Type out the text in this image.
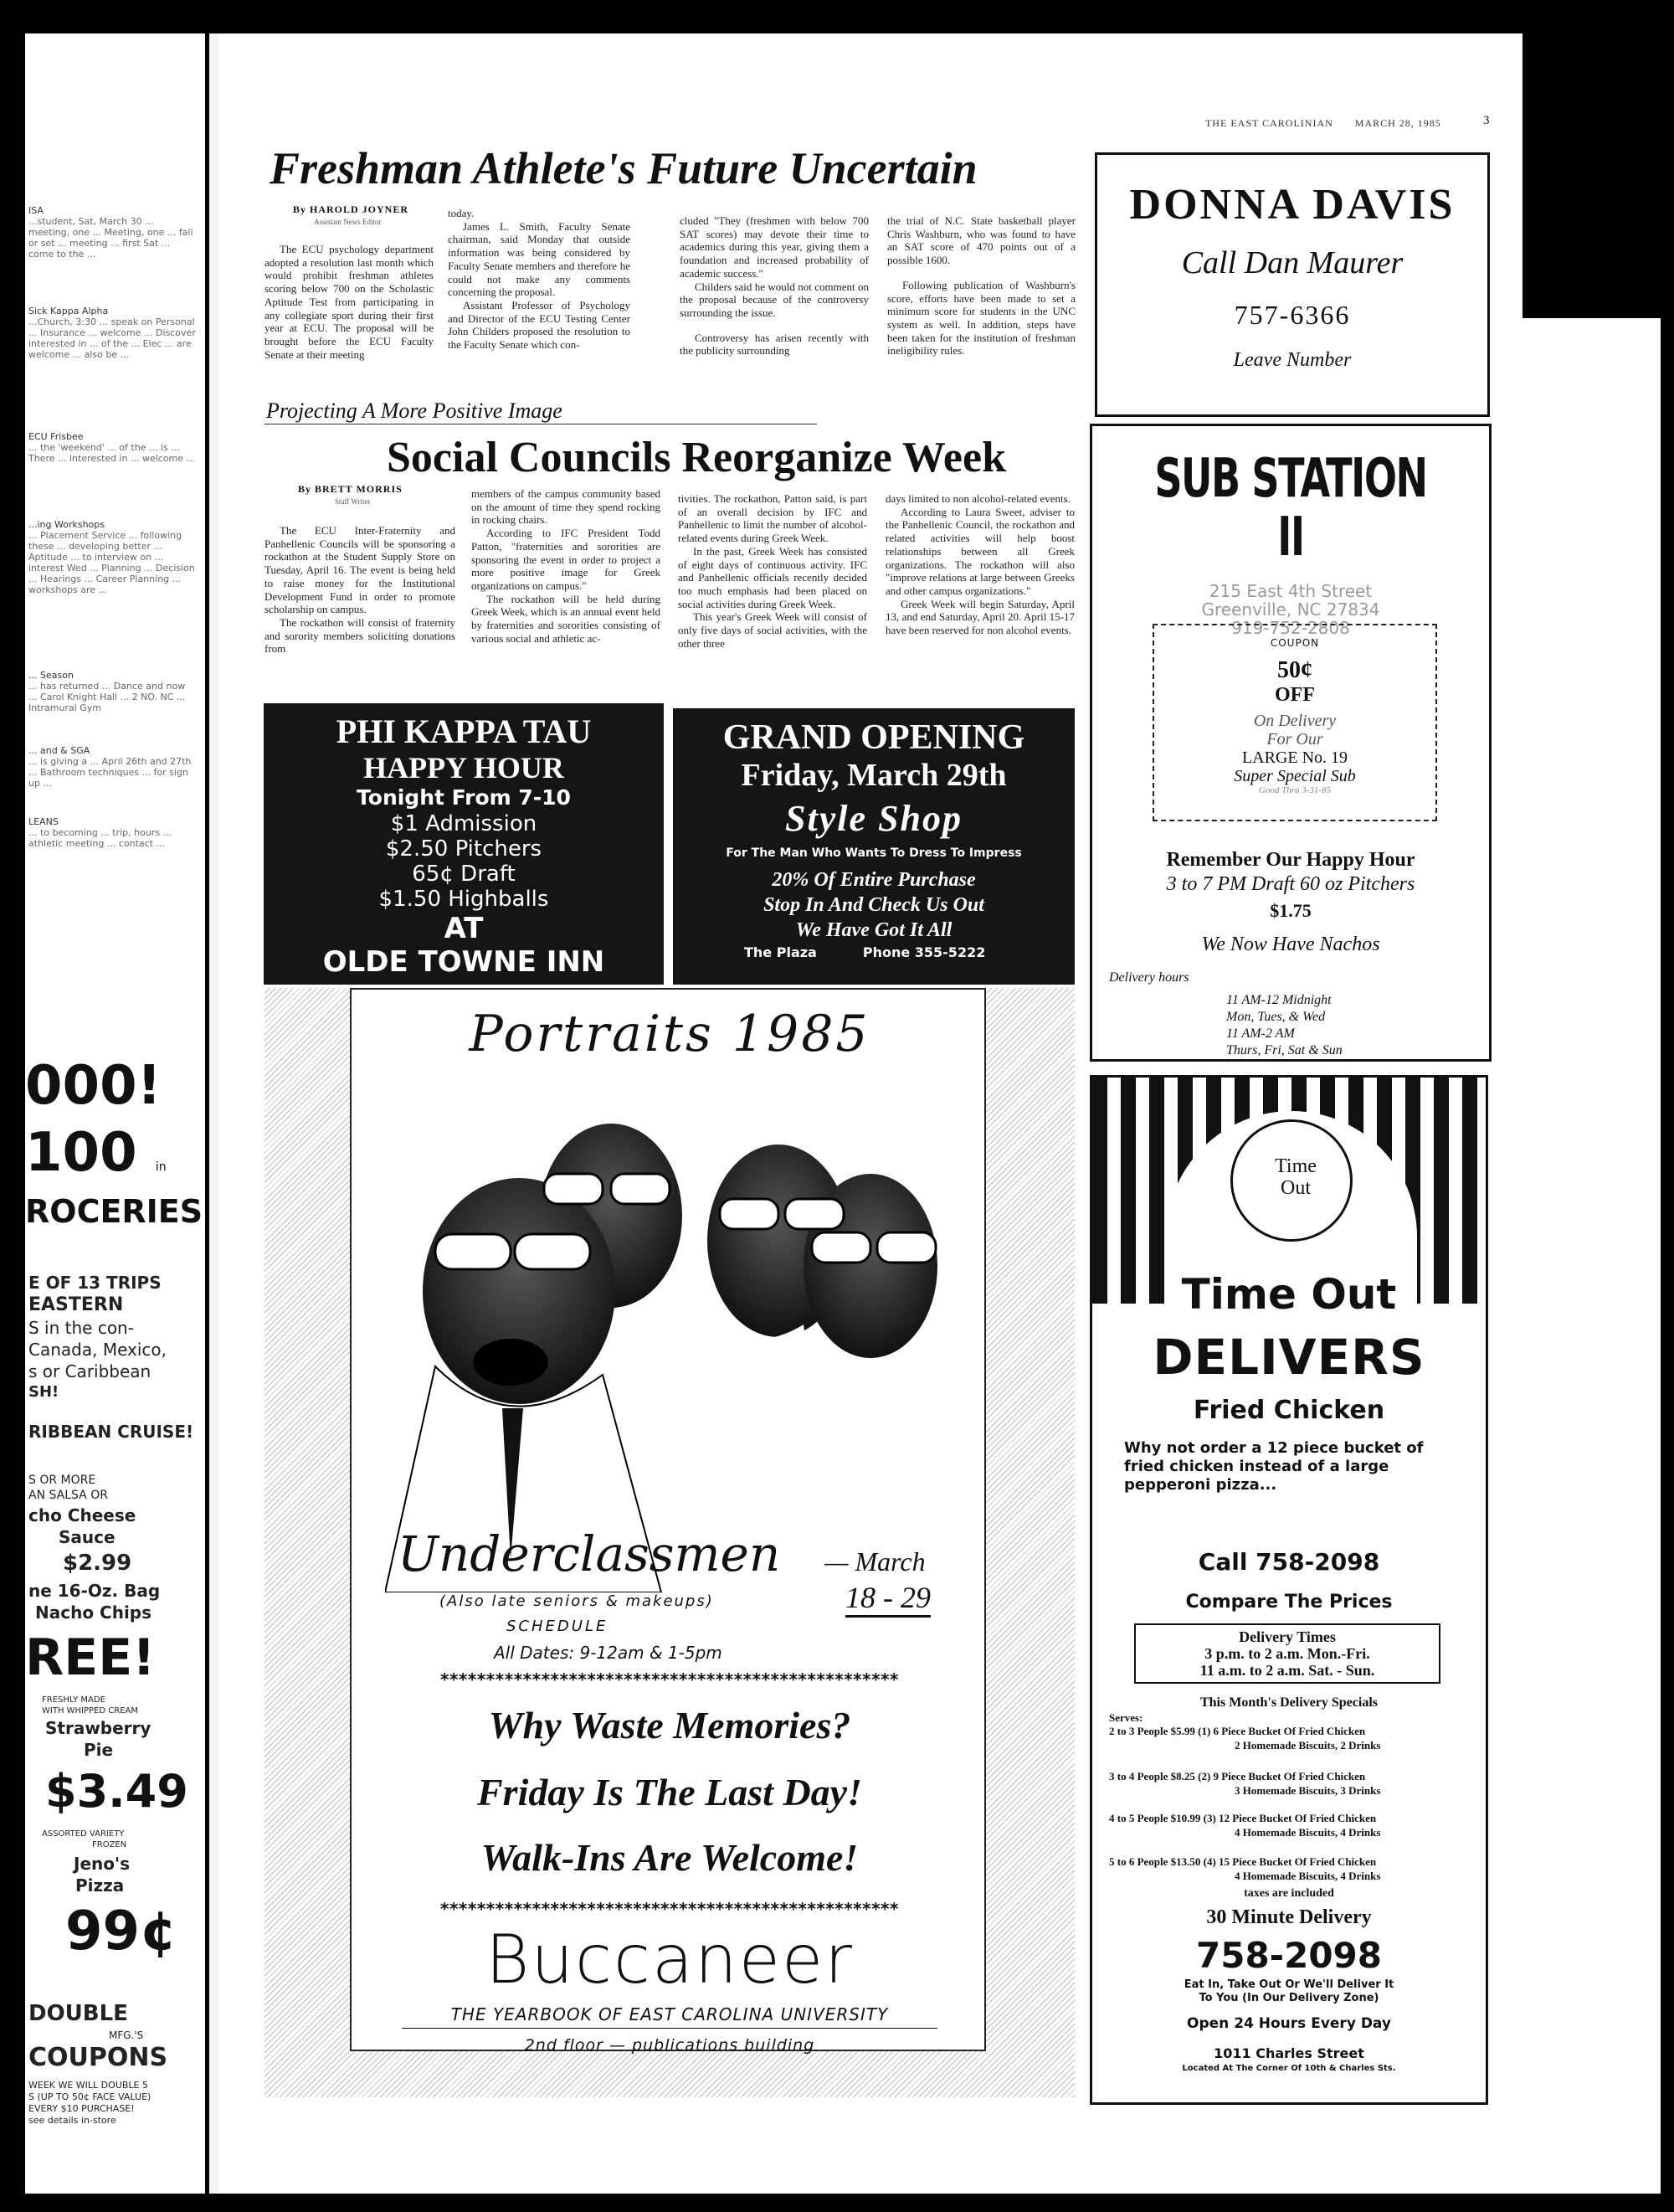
ISA
...student, Sat, March 30 ... meeting, one ... Meeting, one ... fall or set ... meeting ... first Sat ... come to the ...
Sick Kappa Alpha
...Church, 3:30 ... speak on Personal ... Insurance ... welcome ... Discover interested in ... of the ... Elec ... are welcome ... also be ...
ECU Frisbee
... the 'weekend' ... of the ... is ... There ... interested in ... welcome ...
...ing Workshops
... Placement Service ... following these ... developing better ... Aptitude ... to interview on ... interest Wed ... Planning ... Decision ... Hearings ... Career Planning ... workshops are ...
... Season
... has returned ... Dance and now ... Carol Knight Hall ... 2 NO. NC ... Intramural Gym
... and & SGA
... is giving a ... April 26th and 27th ... Bathroom techniques ... for sign up ...
LEANS
... to becoming ... trip, hours ... athletic meeting ... contact ...
000!
100 in
ROCERIES
E OF 13 TRIPS
EASTERN
S in the con-
Canada, Mexico,
s or Caribbean
SH!
RIBBEAN CRUISE!
S OR MORE
AN SALSA OR
cho Cheese
Sauce
$2.99
ne 16-Oz. Bag
Nacho Chips
REE!
FRESHLY MADE
WITH WHIPPED CREAM
Strawberry
Pie
$3.49
ASSORTED VARIETY
FROZEN
Jeno's
Pizza
99¢
DOUBLE
MFG.'S
COUPONS
WEEK WE WILL DOUBLE 5
S (UP TO 50¢ FACE VALUE)
EVERY $10 PURCHASE!
see details in-store
THE EAST CAROLINIAN MARCH 28, 1985	3
Freshman Athlete's Future Uncertain
By HAROLD JOYNER
Assistant News Editor

The ECU psychology department adopted a resolution last month which would prohibit freshman athletes scoring below 700 on the Scholastic Aptitude Test from participating in any collegiate sport during their first year at ECU. The proposal will be brought before the ECU Faculty Senate at their meeting

today.

James L. Smith, Faculty Senate chairman, said Monday that outside information was being considered by Faculty Senate members and therefore he could not make any comments concerning the proposal.

Assistant Professor of Psychology and Director of the ECU Testing Center John Childers proposed the resolution to the Faculty Senate which con-

cluded "They (freshmen with below 700 SAT scores) may devote their time to academics during this year, giving them a foundation and increased probability of academic success."

Childers said he would not comment on the proposal because of the controversy surrounding the issue.

Controversy has arisen recently with the publicity surrounding

the trial of N.C. State basketball player Chris Washburn, who was found to have an SAT score of 470 points out of a possible 1600.

Following publication of Washburn's score, efforts have been made to set a minimum score for students in the UNC system as well. In addition, steps have been taken for the institution of freshman ineligibility rules.

Projecting A More Positive Image
Social Councils Reorganize Week
By BRETT MORRIS
Staff Writer

The ECU Inter-Fraternity and Panhellenic Councils will be sponsoring a rockathon at the Student Supply Store on Tuesday, April 16. The event is being held to raise money for the Institutional Development Fund in order to promote scholarship on campus.

The rockathon will consist of fraternity and sorority members soliciting donations from

members of the campus community based on the amount of time they spend rocking in rocking chairs.

According to IFC President Todd Patton, "fraternities and sororities are sponsoring the event in order to project a more positive image for Greek organizations on campus."

The rockathon will be held during Greek Week, which is an annual event held by fraternities and sororities consisting of various social and athletic ac-

tivities. The rockathon, Patton said, is part of an overall decision by IFC and Panhellenic to limit the number of alcohol-related events during Greek Week.

In the past, Greek Week has consisted of eight days of continuous activity. IFC and Panhellenic officials recently decided too much emphasis had been placed on social activities during Greek Week.

This year's Greek Week will consist of only five days of social activities, with the other three

days limited to non alcohol-related events.

According to Laura Sweet, adviser to the Panhellenic Council, the rockathon and related activities will help boost relationships between all Greek organizations. The rockathon will also "improve relations at large between Greeks and other campus organizations."

Greek Week will begin Saturday, April 13, and end Saturday, April 20. April 15-17 have been reserved for non alcohol events.

PHI KAPPA TAU
HAPPY HOUR
Tonight From 7-10
$1 Admission
$2.50 Pitchers
65¢ Draft
$1.50 Highballs
AT
OLDE TOWNE INN
GRAND OPENING
Friday, March 29th
Style Shop
For The Man Who Wants To Dress To Impress
20% Of Entire Purchase
Stop In And Check Us Out
We Have Got It All
The Plaza	Phone 355-5222
Portraits 1985
Underclassmen — March
18 - 29
(Also late seniors & makeups)
SCHEDULE
All Dates: 9-12am & 1-5pm
**************************************************
Why Waste Memories?
Friday Is The Last Day!
Walk-Ins Are Welcome!
**************************************************
Buccaneer
THE YEARBOOK OF EAST CAROLINA UNIVERSITY
2nd floor — publications building
DONNA DAVIS
Call Dan Maurer
757-6366
Leave Number
SUB STATION II
215 East 4th Street
Greenville, NC 27834
919-752-2808
COUPON
50¢
OFF
On Delivery
For Our
LARGE No. 19
Super Special Sub
Good Thru 3-31-85
Remember Our Happy Hour
3 to 7 PM Draft 60 oz Pitchers
$1.75
We Now Have Nachos
Delivery hours
11 AM-12 Midnight
Mon, Tues, & Wed
11 AM-2 AM
Thurs, Fri, Sat & Sun
Time Out
Time Out
DELIVERS
Fried Chicken
Why not order a 12 piece bucket of fried chicken instead of a large pepperoni pizza...
Call 758-2098
Compare The Prices
Delivery Times
3 p.m. to 2 a.m. Mon.-Fri.
11 a.m. to 2 a.m. Sat. - Sun.
This Month's Delivery Specials
Serves:
2 to 3 People $5.99 (1) 6 Piece Bucket Of Fried Chicken
2 Homemade Biscuits, 2 Drinks
3 to 4 People $8.25 (2) 9 Piece Bucket Of Fried Chicken
3 Homemade Biscuits, 3 Drinks
4 to 5 People $10.99 (3) 12 Piece Bucket Of Fried Chicken
4 Homemade Biscuits, 4 Drinks
5 to 6 People $13.50 (4) 15 Piece Bucket Of Fried Chicken
4 Homemade Biscuits, 4 Drinks
taxes are included
30 Minute Delivery
758-2098
Eat In, Take Out Or We'll Deliver It
To You (In Our Delivery Zone)
Open 24 Hours Every Day
1011 Charles Street
Located At The Corner Of 10th & Charles Sts.
